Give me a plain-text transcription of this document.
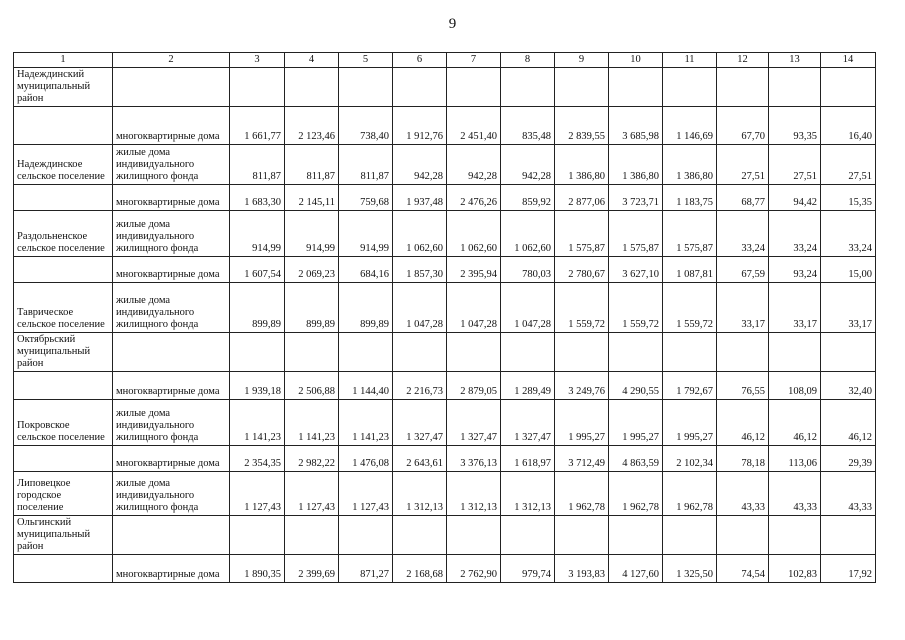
9
1	2	3	4	5	6	7	8	9	10	11	12	13	14
Надеждинский муниципальный район													
	многоквартирные дома	1 661,77	2 123,46	738,40	1 912,76	2 451,40	835,48	2 839,55	3 685,98	1 146,69	67,70	93,35	16,40
Надеждинское сельское поселение	жилые дома индивидуального жилищного фонда	811,87	811,87	811,87	942,28	942,28	942,28	1 386,80	1 386,80	1 386,80	27,51	27,51	27,51
	многоквартирные дома	1 683,30	2 145,11	759,68	1 937,48	2 476,26	859,92	2 877,06	3 723,71	1 183,75	68,77	94,42	15,35
Раздольненское сельское поселение	жилые дома индивидуального жилищного фонда	914,99	914,99	914,99	1 062,60	1 062,60	1 062,60	1 575,87	1 575,87	1 575,87	33,24	33,24	33,24
	многоквартирные дома	1 607,54	2 069,23	684,16	1 857,30	2 395,94	780,03	2 780,67	3 627,10	1 087,81	67,59	93,24	15,00
Таврическое сельское поселение	жилые дома индивидуального жилищного фонда	899,89	899,89	899,89	1 047,28	1 047,28	1 047,28	1 559,72	1 559,72	1 559,72	33,17	33,17	33,17
Октябрьский муниципальный район													
	многоквартирные дома	1 939,18	2 506,88	1 144,40	2 216,73	2 879,05	1 289,49	3 249,76	4 290,55	1 792,67	76,55	108,09	32,40
Покровское сельское поселение	жилые дома индивидуального жилищного фонда	1 141,23	1 141,23	1 141,23	1 327,47	1 327,47	1 327,47	1 995,27	1 995,27	1 995,27	46,12	46,12	46,12
	многоквартирные дома	2 354,35	2 982,22	1 476,08	2 643,61	3 376,13	1 618,97	3 712,49	4 863,59	2 102,34	78,18	113,06	29,39
Липовецкое городское поселение	жилые дома индивидуального жилищного фонда	1 127,43	1 127,43	1 127,43	1 312,13	1 312,13	1 312,13	1 962,78	1 962,78	1 962,78	43,33	43,33	43,33
Ольгинский муниципальный район													
	многоквартирные дома	1 890,35	2 399,69	871,27	2 168,68	2 762,90	979,74	3 193,83	4 127,60	1 325,50	74,54	102,83	17,92
